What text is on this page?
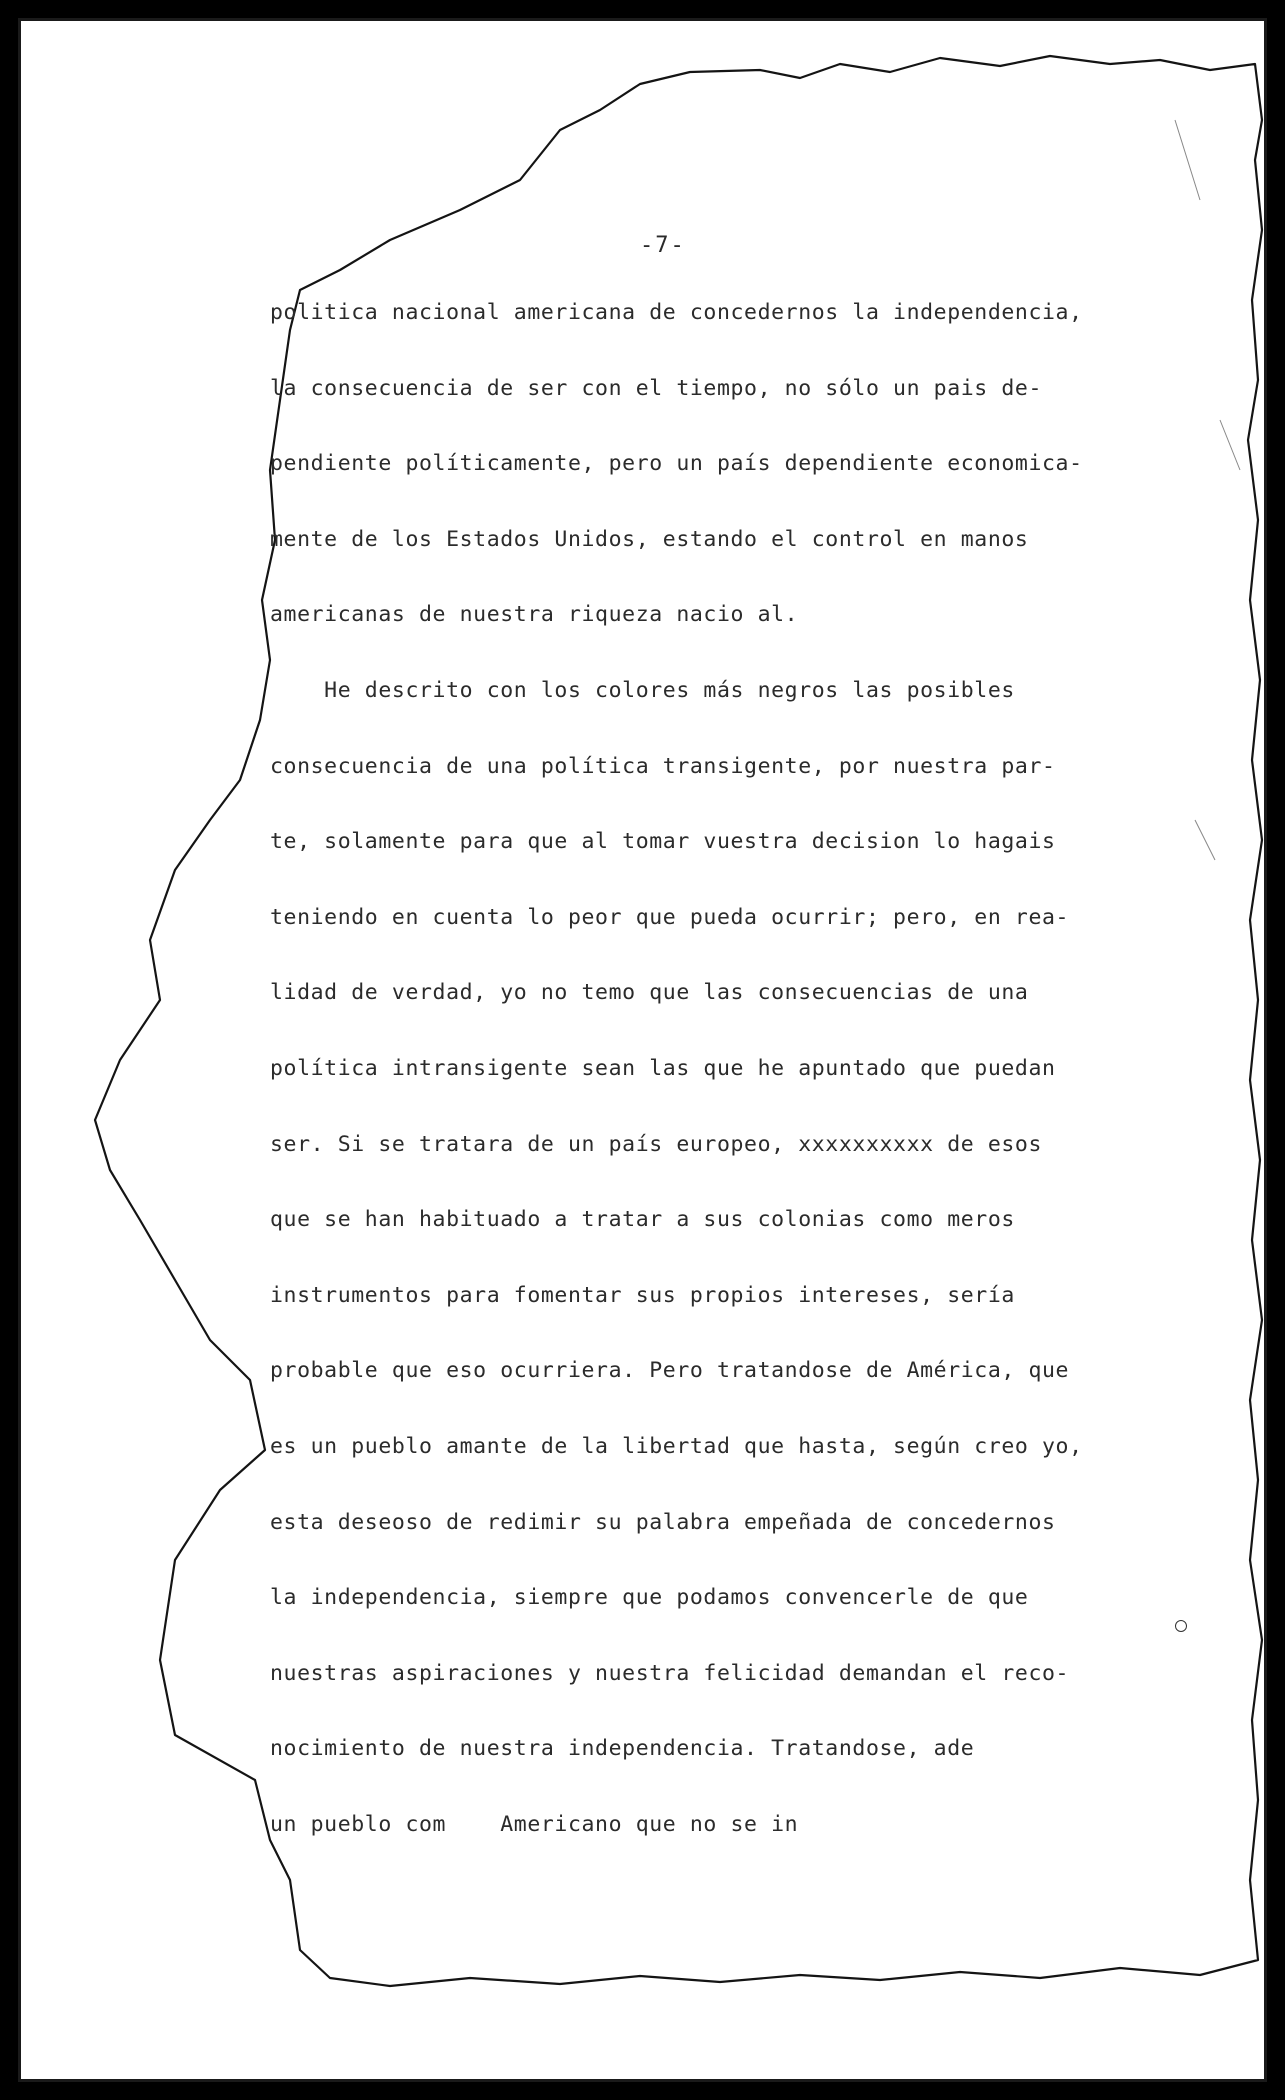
-7-
politica nacional americana de concedernos la independencia,
la consecuencia de ser con el tiempo, no sólo un pais de-
pendiente políticamente, pero un país dependiente economica-
mente de los Estados Unidos, estando el control en manos
americanas de nuestra riqueza nacio al.
He descrito con los colores más negros las posibles
consecuencia de una política transigente, por nuestra par-
te, solamente para que al tomar vuestra decision lo hagais
teniendo en cuenta lo peor que pueda ocurrir; pero, en rea-
lidad de verdad, yo no temo que las consecuencias de una
política intransigente sean las que he apuntado que puedan
ser. Si se tratara de un país europeo, xxxxxxxxxx de esos
que se han habituado a tratar a sus colonias como meros
instrumentos para fomentar sus propios intereses, sería
probable que eso ocurriera. Pero tratandose de América, que
es un pueblo amante de la libertad que hasta, según creo yo,
esta deseoso de redimir su palabra empeñada de concedernos
la independencia, siempre que podamos convencerle de que
nuestras aspiraciones y nuestra felicidad demandan el reco-
nocimiento de nuestra independencia. Tratandose, ade
un pueblo com    Americano que no se in
